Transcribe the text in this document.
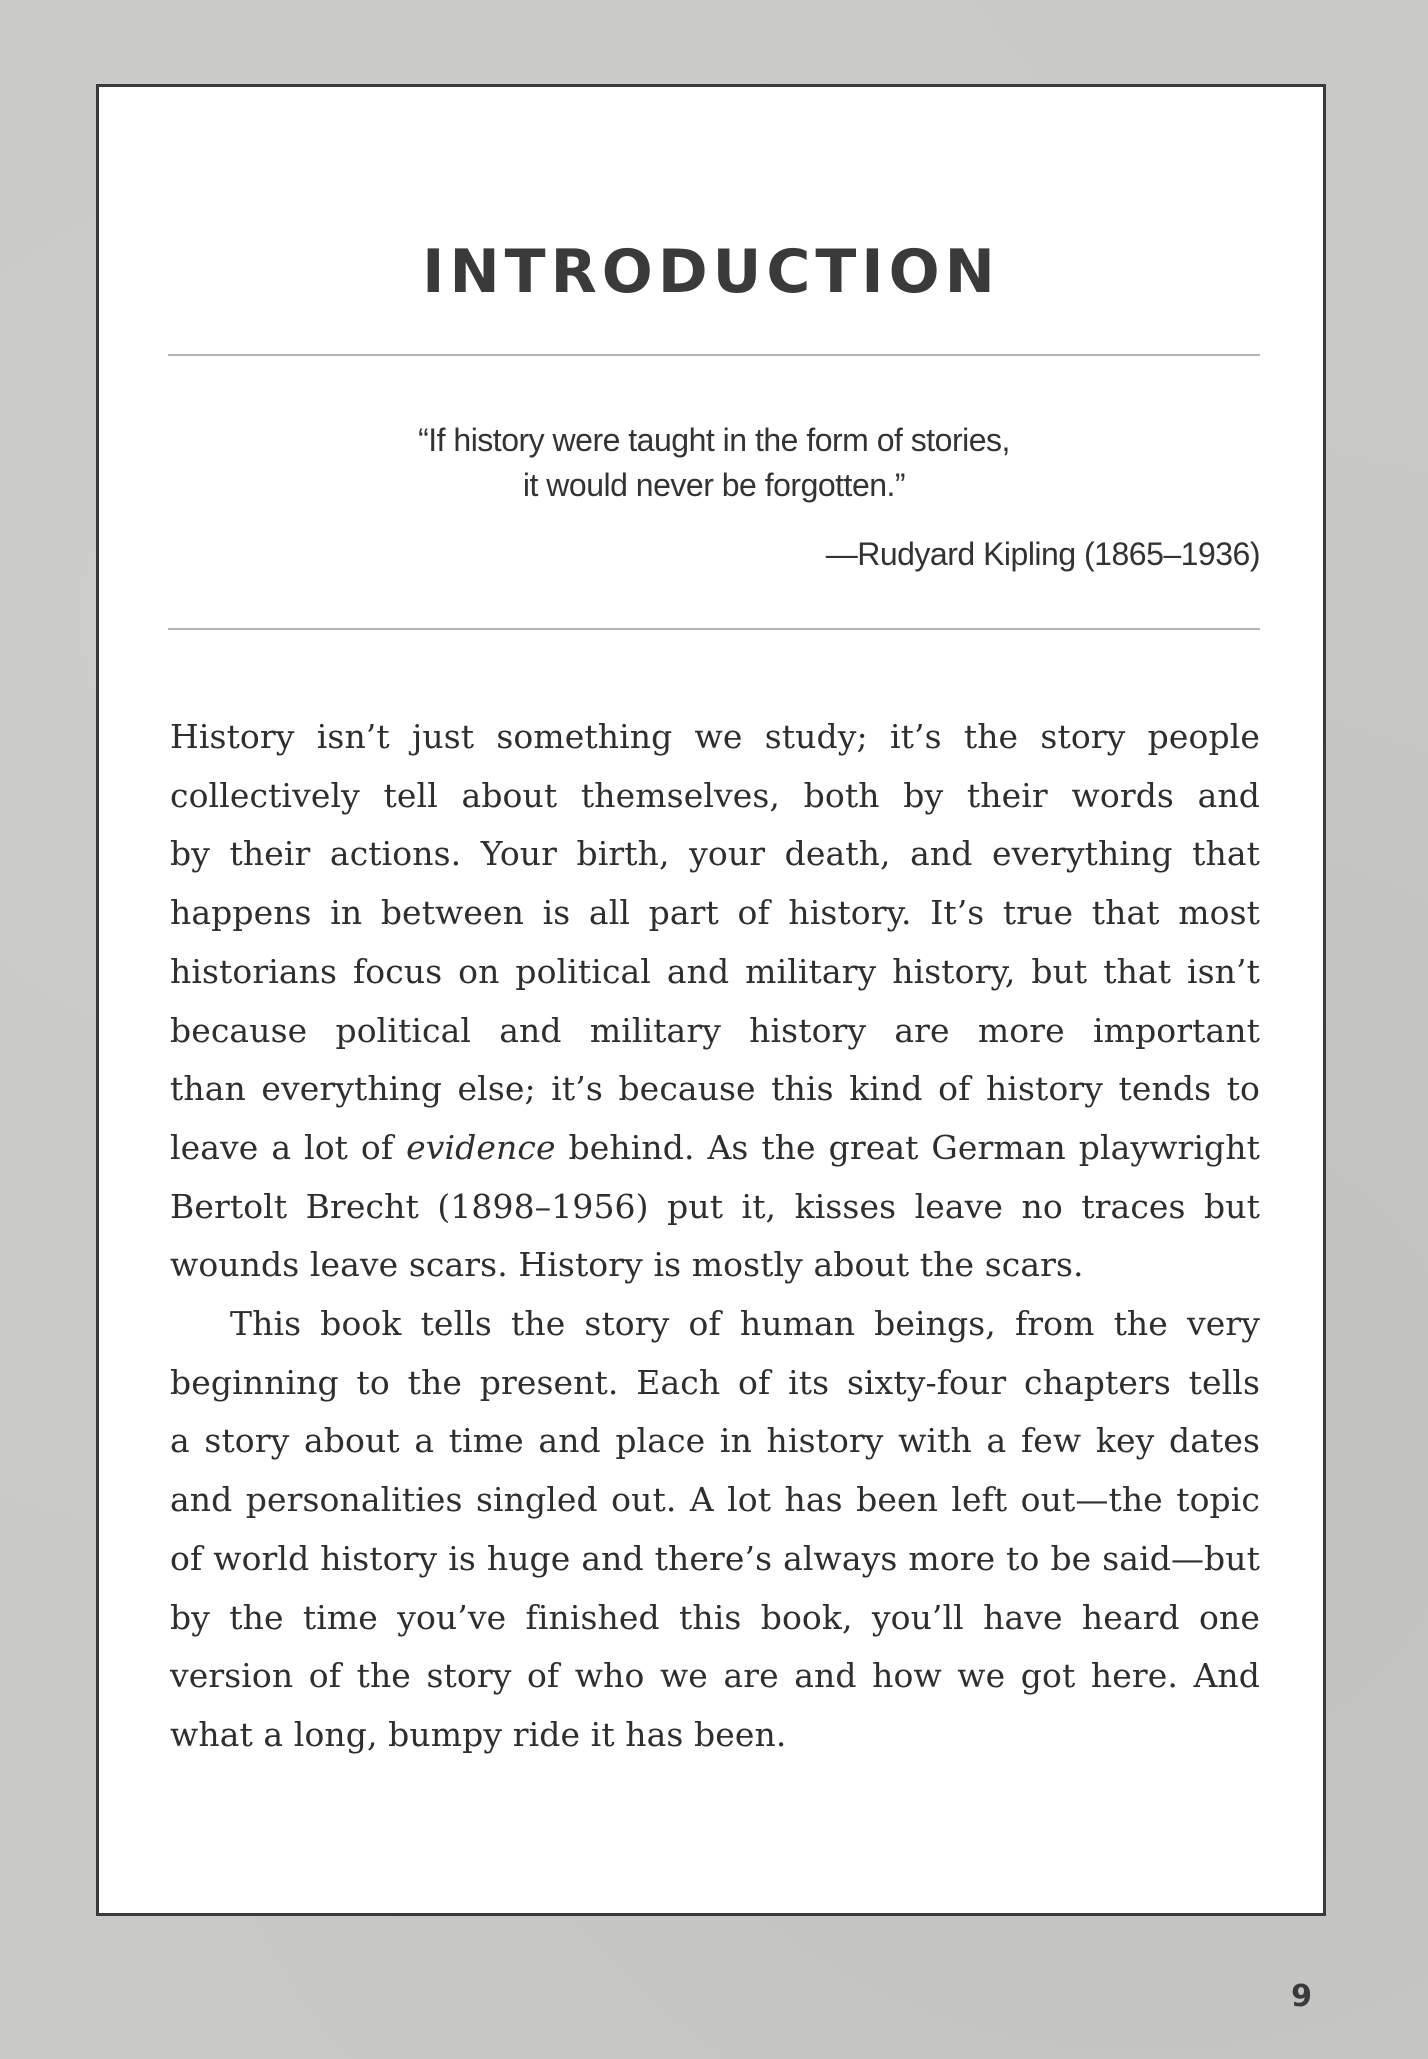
INTRODUCTION
“If history were taught in the form of stories,
it would never be forgotten.”

—Rudyard Kipling (1865–1936)

History isn’t just something we study; it’s the story people
collectively tell about themselves, both by their words and
by their actions. Your birth, your death, and everything that
happens in between is all part of history. It’s true that most
historians focus on political and military history, but that isn’t
because political and military history are more important
than everything else; it’s because this kind of history tends to
leave a lot of evidence behind. As the great German playwright
Bertolt Brecht (1898–1956) put it, kisses leave no traces but
wounds leave scars. History is mostly about the scars.
This book tells the story of human beings, from the very
beginning to the present. Each of its sixty-four chapters tells
a story about a time and place in history with a few key dates
and personalities singled out. A lot has been left out—the topic
of world history is huge and there’s always more to be said—but
by the time you’ve finished this book, you’ll have heard one
version of the story of who we are and how we got here. And
what a long, bumpy ride it has been.

9
